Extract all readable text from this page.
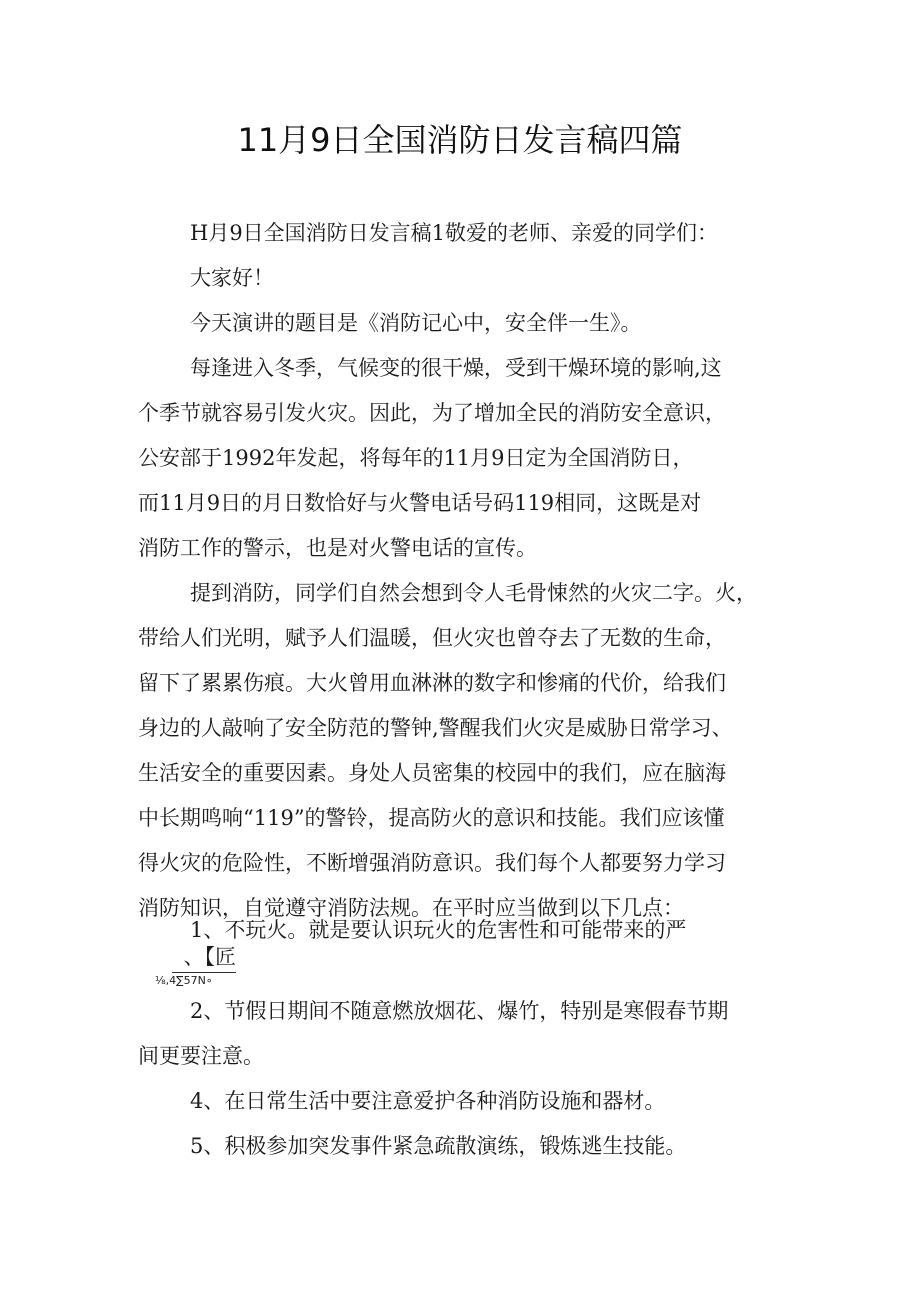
11月9日全国消防日发言稿四篇
H月9日全国消防日发言稿1敬爱的老师、亲爱的同学们：
大家好！
今天演讲的题目是《消防记心中，安全伴一生》。
每逢进入冬季，气候变的很干燥，受到干燥环境的影响,这
个季节就容易引发火灾。因此，为了增加全民的消防安全意识，
公安部于1992年发起，将每年的11月9日定为全国消防日，
而11月9日的月日数恰好与火警电话号码119相同，这既是对
消防工作的警示，也是对火警电话的宣传。
提到消防，同学们自然会想到令人毛骨悚然的火灾二字。火，
带给人们光明，赋予人们温暖，但火灾也曾夺去了无数的生命，
留下了累累伤痕。大火曾用血淋淋的数字和惨痛的代价，给我们
身边的人敲响了安全防范的警钟,警醒我们火灾是威胁日常学习、
生活安全的重要因素。身处人员密集的校园中的我们，应在脑海
中长期鸣响“119”的警铃，提高防火的意识和技能。我们应该懂
得火灾的危险性，不断增强消防意识。我们每个人都要努力学习
消防知识，自觉遵守消防法规。在平时应当做到以下几点：
1、不玩火。就是要认识玩火的危害性和可能带来的严
、【匠
⅛,4∑57N∘
2、节假日期间不随意燃放烟花、爆竹，特别是寒假春节期
间更要注意。
4、在日常生活中要注意爱护各种消防设施和器材。
5、积极参加突发事件紧急疏散演练，锻炼逃生技能。
